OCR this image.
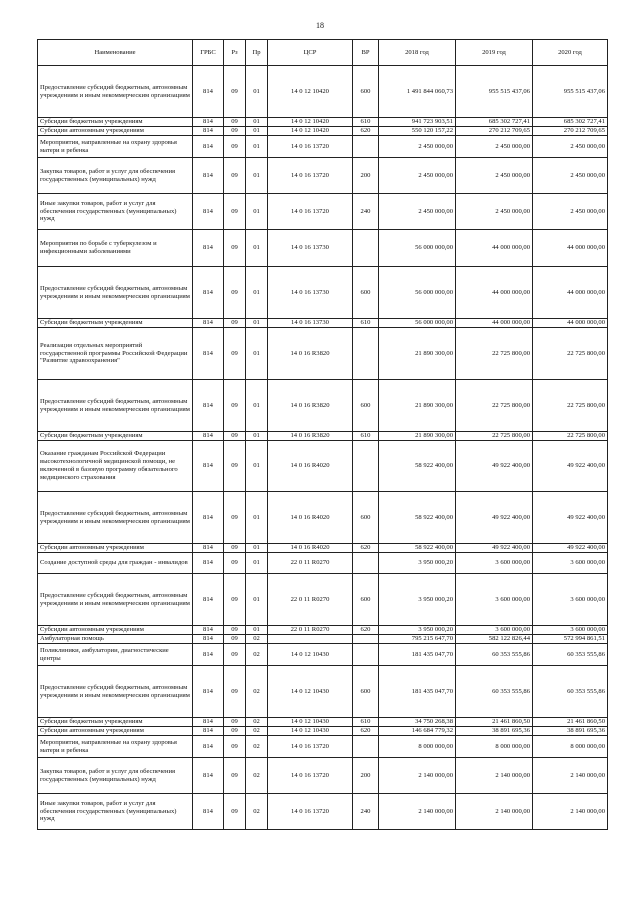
18
Наименование	ГРБС	Рз	Пр	ЦСР	ВР	2018 год	2019 год	2020 год
Предоставление субсидий бюджетным, автономным учреждениям и иным некоммерческим организациям	814	09	01	14 0 12 10420	600	1 491 844 060,73	955 515 437,06	955 515 437,06
Субсидии бюджетным учреждениям	814	09	01	14 0 12 10420	610	941 723 903,51	685 302 727,41	685 302 727,41
Субсидии автономным учреждениям	814	09	01	14 0 12 10420	620	550 120 157,22	270 212 709,65	270 212 709,65
Мероприятия, направленные на охрану здоровья матери и ребенка	814	09	01	14 0 16 13720		2 450 000,00	2 450 000,00	2 450 000,00
Закупка товаров, работ и услуг для обеспечения государственных (муниципальных) нужд	814	09	01	14 0 16 13720	200	2 450 000,00	2 450 000,00	2 450 000,00
Иные закупки товаров, работ и услуг для обеспечения государственных (муниципальных) нужд	814	09	01	14 0 16 13720	240	2 450 000,00	2 450 000,00	2 450 000,00
Мероприятия по борьбе с туберкулезом и инфекционными заболеваниями	814	09	01	14 0 16 13730		56 000 000,00	44 000 000,00	44 000 000,00
Предоставление субсидий бюджетным, автономным учреждениям и иным некоммерческим организациям	814	09	01	14 0 16 13730	600	56 000 000,00	44 000 000,00	44 000 000,00
Субсидии бюджетным учреждениям	814	09	01	14 0 16 13730	610	56 000 000,00	44 000 000,00	44 000 000,00
Реализация отдельных мероприятий государственной программы Российской Федерации "Развитие здравоохранения"	814	09	01	14 0 16 R3820		21 890 300,00	22 725 800,00	22 725 800,00
Предоставление субсидий бюджетным, автономным учреждениям и иным некоммерческим организациям	814	09	01	14 0 16 R3820	600	21 890 300,00	22 725 800,00	22 725 800,00
Субсидии бюджетным учреждениям	814	09	01	14 0 16 R3820	610	21 890 300,00	22 725 800,00	22 725 800,00
Оказание гражданам Российской Федерации высокотехнологичной медицинской помощи, не включенной в базовую программу обязательного медицинского страхования	814	09	01	14 0 16 R4020		58 922 400,00	49 922 400,00	49 922 400,00
Предоставление субсидий бюджетным, автономным учреждениям и иным некоммерческим организациям	814	09	01	14 0 16 R4020	600	58 922 400,00	49 922 400,00	49 922 400,00
Субсидии автономным учреждениям	814	09	01	14 0 16 R4020	620	58 922 400,00	49 922 400,00	49 922 400,00
Создание доступной среды для граждан - инвалидов	814	09	01	22 0 11 R0270		3 950 000,20	3 600 000,00	3 600 000,00
Предоставление субсидий бюджетным, автономным учреждениям и иным некоммерческим организациям	814	09	01	22 0 11 R0270	600	3 950 000,20	3 600 000,00	3 600 000,00
Субсидии автономным учреждениям	814	09	01	22 0 11 R0270	620	3 950 000,20	3 600 000,00	3 600 000,00
Амбулаторная помощь	814	09	02			795 215 647,70	582 122 826,44	572 994 861,51
Поликлиники, амбулатории, диагностические центры	814	09	02	14 0 12 10430		181 435 047,70	60 353 555,86	60 353 555,86
Предоставление субсидий бюджетным, автономным учреждениям и иным некоммерческим организациям	814	09	02	14 0 12 10430	600	181 435 047,70	60 353 555,86	60 353 555,86
Субсидии бюджетным учреждениям	814	09	02	14 0 12 10430	610	34 750 268,38	21 461 860,50	21 461 860,50
Субсидии автономным учреждениям	814	09	02	14 0 12 10430	620	146 684 779,32	38 891 695,36	38 891 695,36
Мероприятия, направленные на охрану здоровья матери и ребенка	814	09	02	14 0 16 13720		8 000 000,00	8 000 000,00	8 000 000,00
Закупка товаров, работ и услуг для обеспечения государственных (муниципальных) нужд	814	09	02	14 0 16 13720	200	2 140 000,00	2 140 000,00	2 140 000,00
Иные закупки товаров, работ и услуг для обеспечения государственных (муниципальных) нужд	814	09	02	14 0 16 13720	240	2 140 000,00	2 140 000,00	2 140 000,00
